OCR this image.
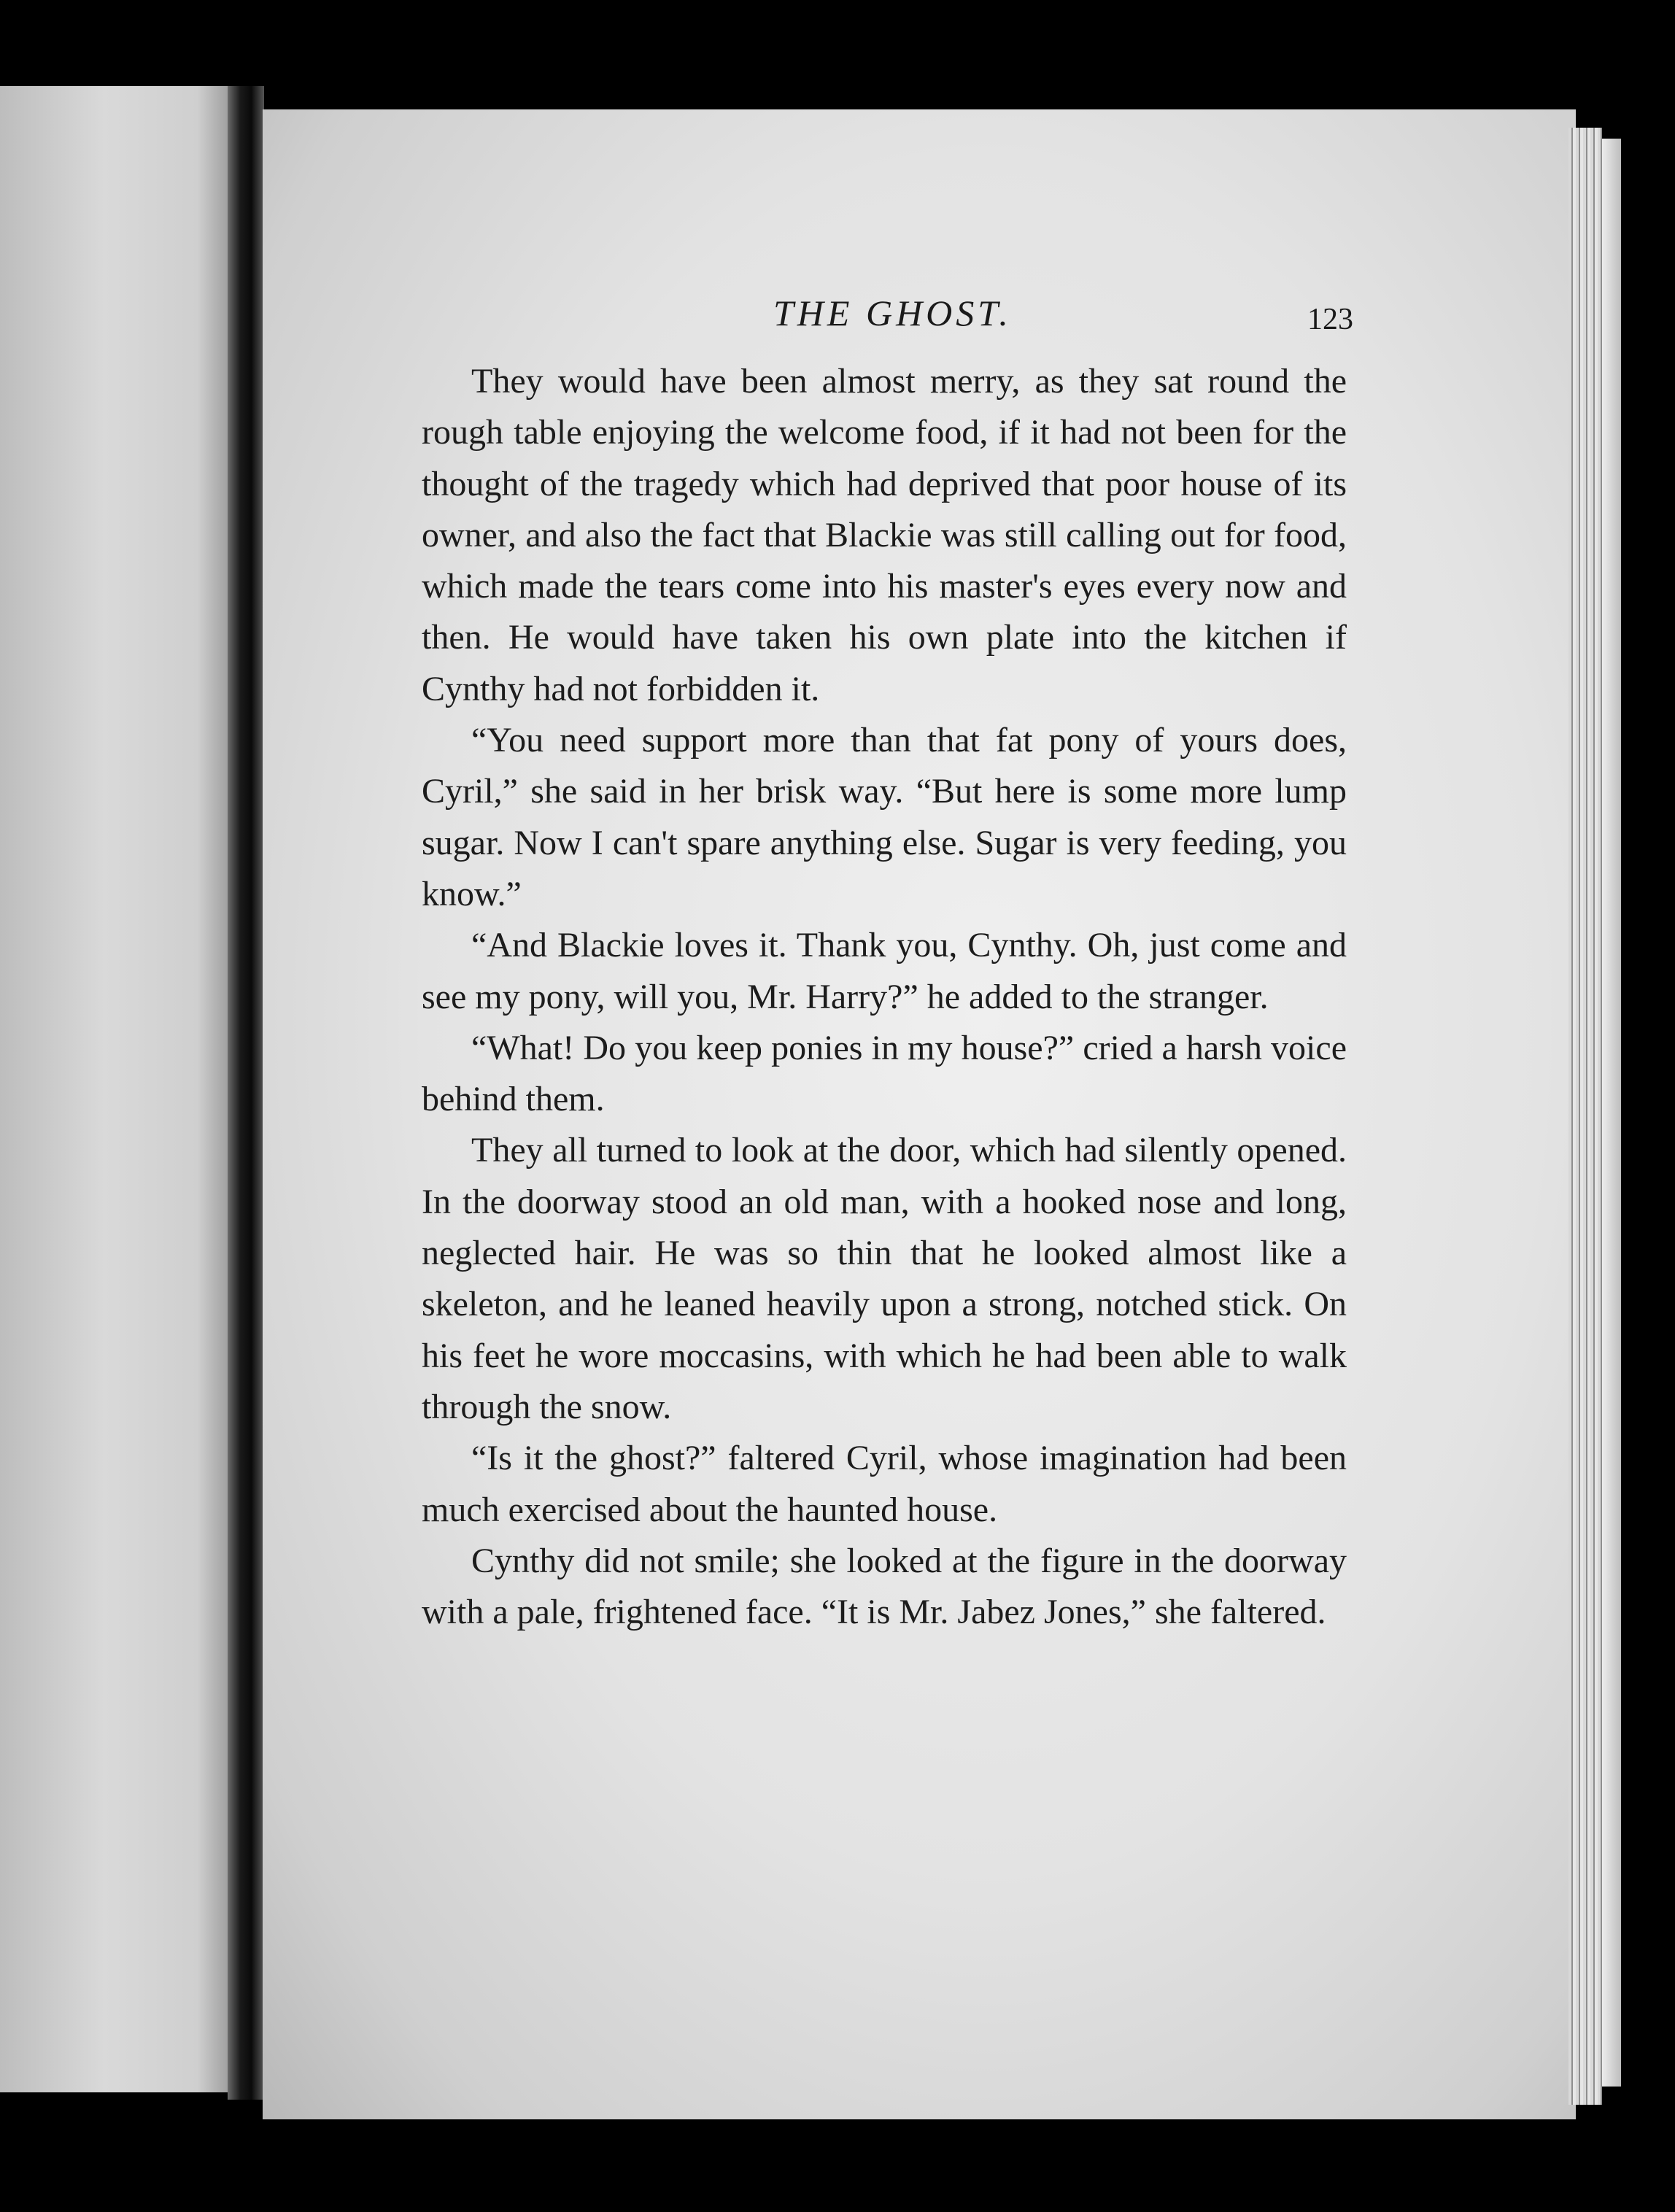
THE GHOST.	123

They would have been almost merry, as they sat round the rough table enjoying the welcome food, if it had not been for the thought of the tragedy which had deprived that poor house of its owner, and also the fact that Blackie was still calling out for food, which made the tears come into his master's eyes every now and then. He would have taken his own plate into the kitchen if Cynthy had not forbidden it.

“You need support more than that fat pony of yours does, Cyril,” she said in her brisk way. “But here is some more lump sugar. Now I can't spare anything else. Sugar is very feeding, you know.”

“And Blackie loves it. Thank you, Cynthy. Oh, just come and see my pony, will you, Mr. Harry?” he added to the stranger.

“What! Do you keep ponies in my house?” cried a harsh voice behind them.

They all turned to look at the door, which had silently opened. In the doorway stood an old man, with a hooked nose and long, neglected hair. He was so thin that he looked almost like a skeleton, and he leaned heavily upon a strong, notched stick. On his feet he wore moccasins, with which he had been able to walk through the snow.

“Is it the ghost?” faltered Cyril, whose imagination had been much exercised about the haunted house.

Cynthy did not smile; she looked at the figure in the doorway with a pale, frightened face. “It is Mr. Jabez Jones,” she faltered.
